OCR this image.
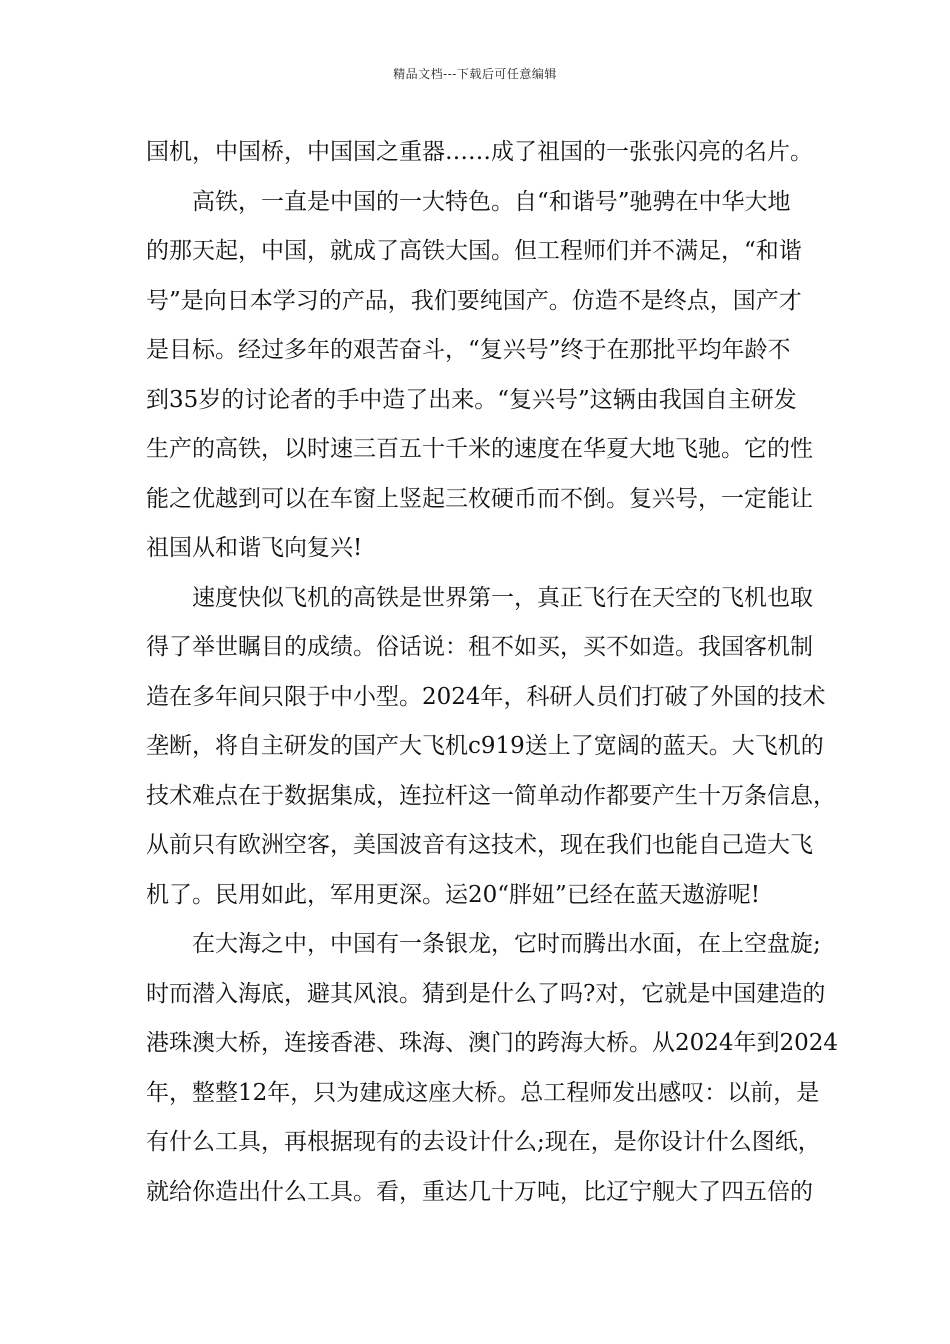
精品文档---下载后可任意编辑
国机，中国桥，中国国之重器……成了祖国的一张张闪亮的名片。
　　高铁，一直是中国的一大特色。自“和谐号”驰骋在中华大地
的那天起，中国，就成了高铁大国。但工程师们并不满足，“和谐
号”是向日本学习的产品，我们要纯国产。仿造不是终点，国产才
是目标。经过多年的艰苦奋斗，“复兴号”终于在那批平均年龄不
到35岁的讨论者的手中造了出来。“复兴号”这辆由我国自主研发
生产的高铁，以时速三百五十千米的速度在华夏大地飞驰。它的性
能之优越到可以在车窗上竖起三枚硬币而不倒。复兴号，一定能让
祖国从和谐飞向复兴!
　　速度快似飞机的高铁是世界第一，真正飞行在天空的飞机也取
得了举世瞩目的成绩。俗话说：租不如买，买不如造。我国客机制
造在多年间只限于中小型。2024年，科研人员们打破了外国的技术
垄断，将自主研发的国产大飞机c919送上了宽阔的蓝天。大飞机的
技术难点在于数据集成，连拉杆这一简单动作都要产生十万条信息，
从前只有欧洲空客，美国波音有这技术，现在我们也能自己造大飞
机了。民用如此，军用更深。运20“胖妞”已经在蓝天遨游呢!
　　在大海之中，中国有一条银龙，它时而腾出水面，在上空盘旋;
时而潜入海底，避其风浪。猜到是什么了吗?对，它就是中国建造的
港珠澳大桥，连接香港、珠海、澳门的跨海大桥。从2024年到2024
年，整整12年，只为建成这座大桥。总工程师发出感叹：以前，是
有什么工具，再根据现有的去设计什么;现在，是你设计什么图纸，
就给你造出什么工具。看，重达几十万吨，比辽宁舰大了四五倍的
